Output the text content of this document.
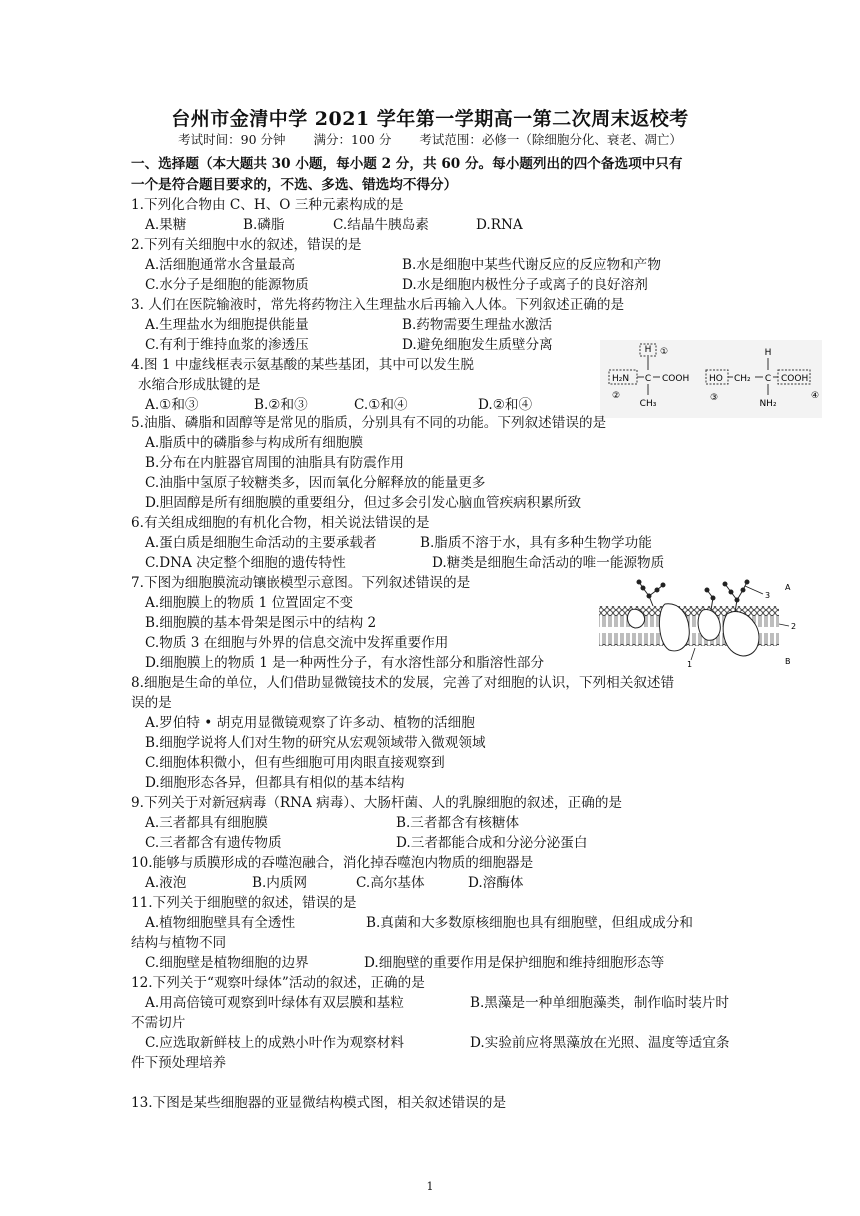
台州市金清中学 2021 学年第一学期高一第二次周末返校考
考试时间：90 分钟 满分：100 分 考试范围：必修一（除细胞分化、衰老、凋亡）
一、选择题（本大题共 30 小题，每小题 2 分，共 60 分。每小题列出的四个备选项中只有
一个是符合题目要求的，不选、多选、错选均不得分）
1.下列化合物由 C、H、O 三种元素构成的是
A.果糖	B.磷脂	C.结晶牛胰岛素	D.RNA
2.下列有关细胞中水的叙述，错误的是
A.活细胞通常水含量最高	B.水是细胞中某些代谢反应的反应物和产物
C.水分子是细胞的能源物质	D.水是细胞内极性分子或离子的良好溶剂
3. 人们在医院输液时，常先将药物注入生理盐水后再输入人体。下列叙述正确的是
A.生理盐水为细胞提供能量	B.药物需要生理盐水激活
C.有利于维持血浆的渗透压	D.避免细胞发生质壁分离
4.图 1 中虚线框表示氨基酸的某些基团，其中可以发生脱
水缩合形成肽键的是
A.①和③	B.②和③	C.①和④	D.②和④
H ①
H₂N C COOH
②
CH₃
H
HO CH₂ C COOH
③	④
NH₂
5.油脂、磷脂和固醇等是常见的脂质，分别具有不同的功能。下列叙述错误的是
A.脂质中的磷脂参与构成所有细胞膜
B.分布在内脏器官周围的油脂具有防震作用
C.油脂中氢原子较糖类多，因而氧化分解释放的能量更多
D.胆固醇是所有细胞膜的重要组分，但过多会引发心脑血管疾病积累所致
6.有关组成细胞的有机化合物，相关说法错误的是
A.蛋白质是细胞生命活动的主要承载者	B.脂质不溶于水，具有多种生物学功能
C.DNA 决定整个细胞的遗传特性	D.糖类是细胞生命活动的唯一能源物质
7.下图为细胞膜流动镶嵌模型示意图。下列叙述错误的是
A.细胞膜上的物质 1 位置固定不变
B.细胞膜的基本骨架是图示中的结构 2
C.物质 3 在细胞与外界的信息交流中发挥重要作用
D.细胞膜上的物质 1 是一种两性分子，有水溶性部分和脂溶性部分
3
2
1
A
B
8.细胞是生命的单位，人们借助显微镜技术的发展，完善了对细胞的认识，下列相关叙述错
误的是
A.罗伯特 • 胡克用显微镜观察了许多动、植物的活细胞
B.细胞学说将人们对生物的研究从宏观领域带入微观领域
C.细胞体积微小，但有些细胞可用肉眼直接观察到
D.细胞形态各异，但都具有相似的基本结构
9.下列关于对新冠病毒（RNA 病毒）、大肠杆菌、人的乳腺细胞的叙述，正确的是
A.三者都具有细胞膜	B.三者都含有核糖体
C.三者都含有遗传物质	D.三者都能合成和分泌分泌蛋白
10.能够与质膜形成的吞噬泡融合，消化掉吞噬泡内物质的细胞器是
A.液泡	B.内质网	C.高尔基体	D.溶酶体
11.下列关于细胞壁的叙述，错误的是
A.植物细胞壁具有全透性	B.真菌和大多数原核细胞也具有细胞壁，但组成成分和
结构与植物不同
C.细胞壁是植物细胞的边界	D.细胞壁的重要作用是保护细胞和维持细胞形态等
12.下列关于“观察叶绿体”活动的叙述，正确的是
A.用高倍镜可观察到叶绿体有双层膜和基粒	B.黑藻是一种单细胞藻类，制作临时装片时
不需切片
C.应选取新鲜枝上的成熟小叶作为观察材料	D.实验前应将黑藻放在光照、温度等适宜条
件下预处理培养
13.下图是某些细胞器的亚显微结构模式图，相关叙述错误的是
1
